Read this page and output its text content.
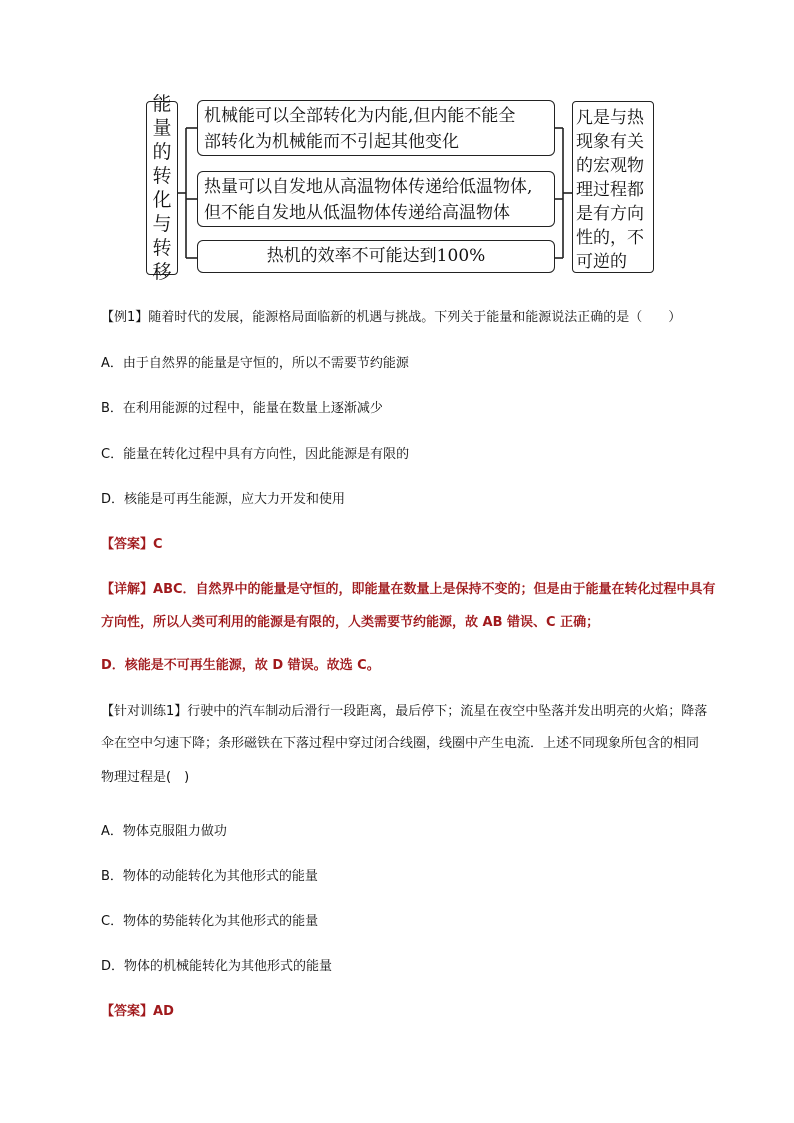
能量的转化与转移
机械能可以全部转化为内能,但内能不能全
部转化为机械能而不引起其他变化
热量可以自发地从高温物体传递给低温物体,
但不能自发地从低温物体传递给高温物体
热机的效率不可能达到100%
凡是与热现象有关的宏观物理过程都是有方向性的，不可逆的
【例1】随着时代的发展，能源格局面临新的机遇与挑战。下列关于能量和能源说法正确的是（　　）
A．由于自然界的能量是守恒的，所以不需要节约能源
B．在利用能源的过程中，能量在数量上逐渐减少
C．能量在转化过程中具有方向性，因此能源是有限的
D．核能是可再生能源，应大力开发和使用
【答案】C
【详解】ABC．自然界中的能量是守恒的，即能量在数量上是保持不变的；但是由于能量在转化过程中具有
方向性，所以人类可利用的能源是有限的，人类需要节约能源，故 AB 错误、C 正确；
D．核能是不可再生能源，故 D 错误。故选 C。
【针对训练1】行驶中的汽车制动后滑行一段距离，最后停下；流星在夜空中坠落并发出明亮的火焰；降落
伞在空中匀速下降；条形磁铁在下落过程中穿过闭合线圈，线圈中产生电流．上述不同现象所包含的相同
物理过程是(　)
A．物体克服阻力做功
B．物体的动能转化为其他形式的能量
C．物体的势能转化为其他形式的能量
D．物体的机械能转化为其他形式的能量
【答案】AD
